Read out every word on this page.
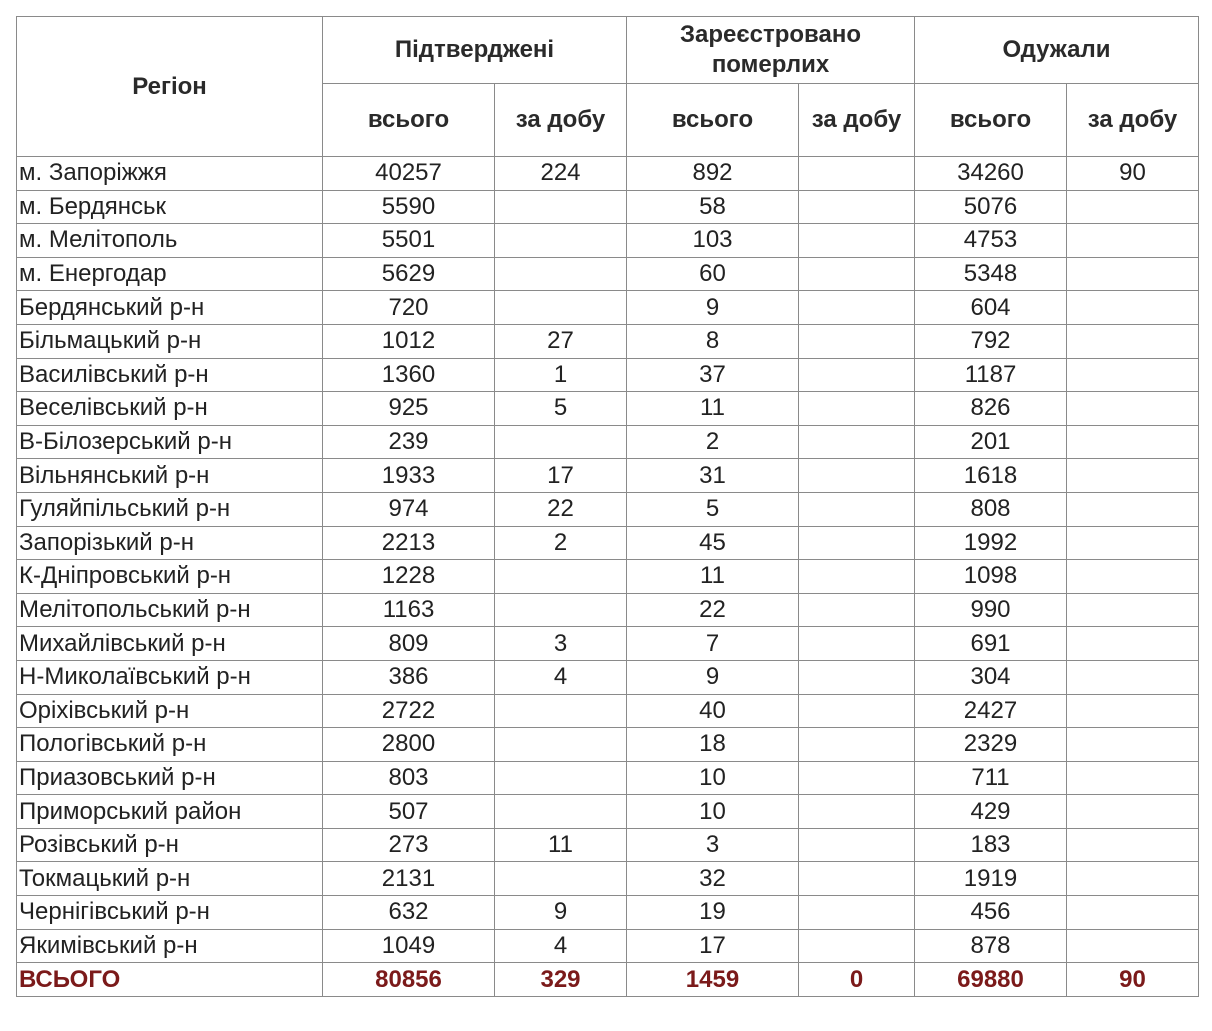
Регіон	Підтверджені		Зареєстровано померлих		Одужали	
	всього	за добу	всього	за добу	всього	за добу
м. Запоріжжя	40257	224	892		34260	90
м. Бердянськ	5590		58		5076	
м. Мелітополь	5501		103		4753	
м. Енергодар	5629		60		5348	
Бердянський р-н	720		9		604	
Більмацький р-н	1012	27	8		792	
Василівський р-н	1360	1	37		1187	
Веселівський р-н	925	5	11		826	
В-Білозерський р-н	239		2		201	
Вільнянський р-н	1933	17	31		1618	
Гуляйпільський р-н	974	22	5		808	
Запорізький р-н	2213	2	45		1992	
К-Дніпровський р-н	1228		11		1098	
Мелітопольський р-н	1163		22		990	
Михайлівський р-н	809	3	7		691	
Н-Миколаївський р-н	386	4	9		304	
Оріхівський р-н	2722		40		2427	
Пологівський р-н	2800		18		2329	
Приазовський р-н	803		10		711	
Приморський район	507		10		429	
Розівський р-н	273	11	3		183	
Токмацький р-н	2131		32		1919	
Чернігівський р-н	632	9	19		456	
Якимівський р-н	1049	4	17		878	
ВСЬОГО	80856	329	1459	0	69880	90
